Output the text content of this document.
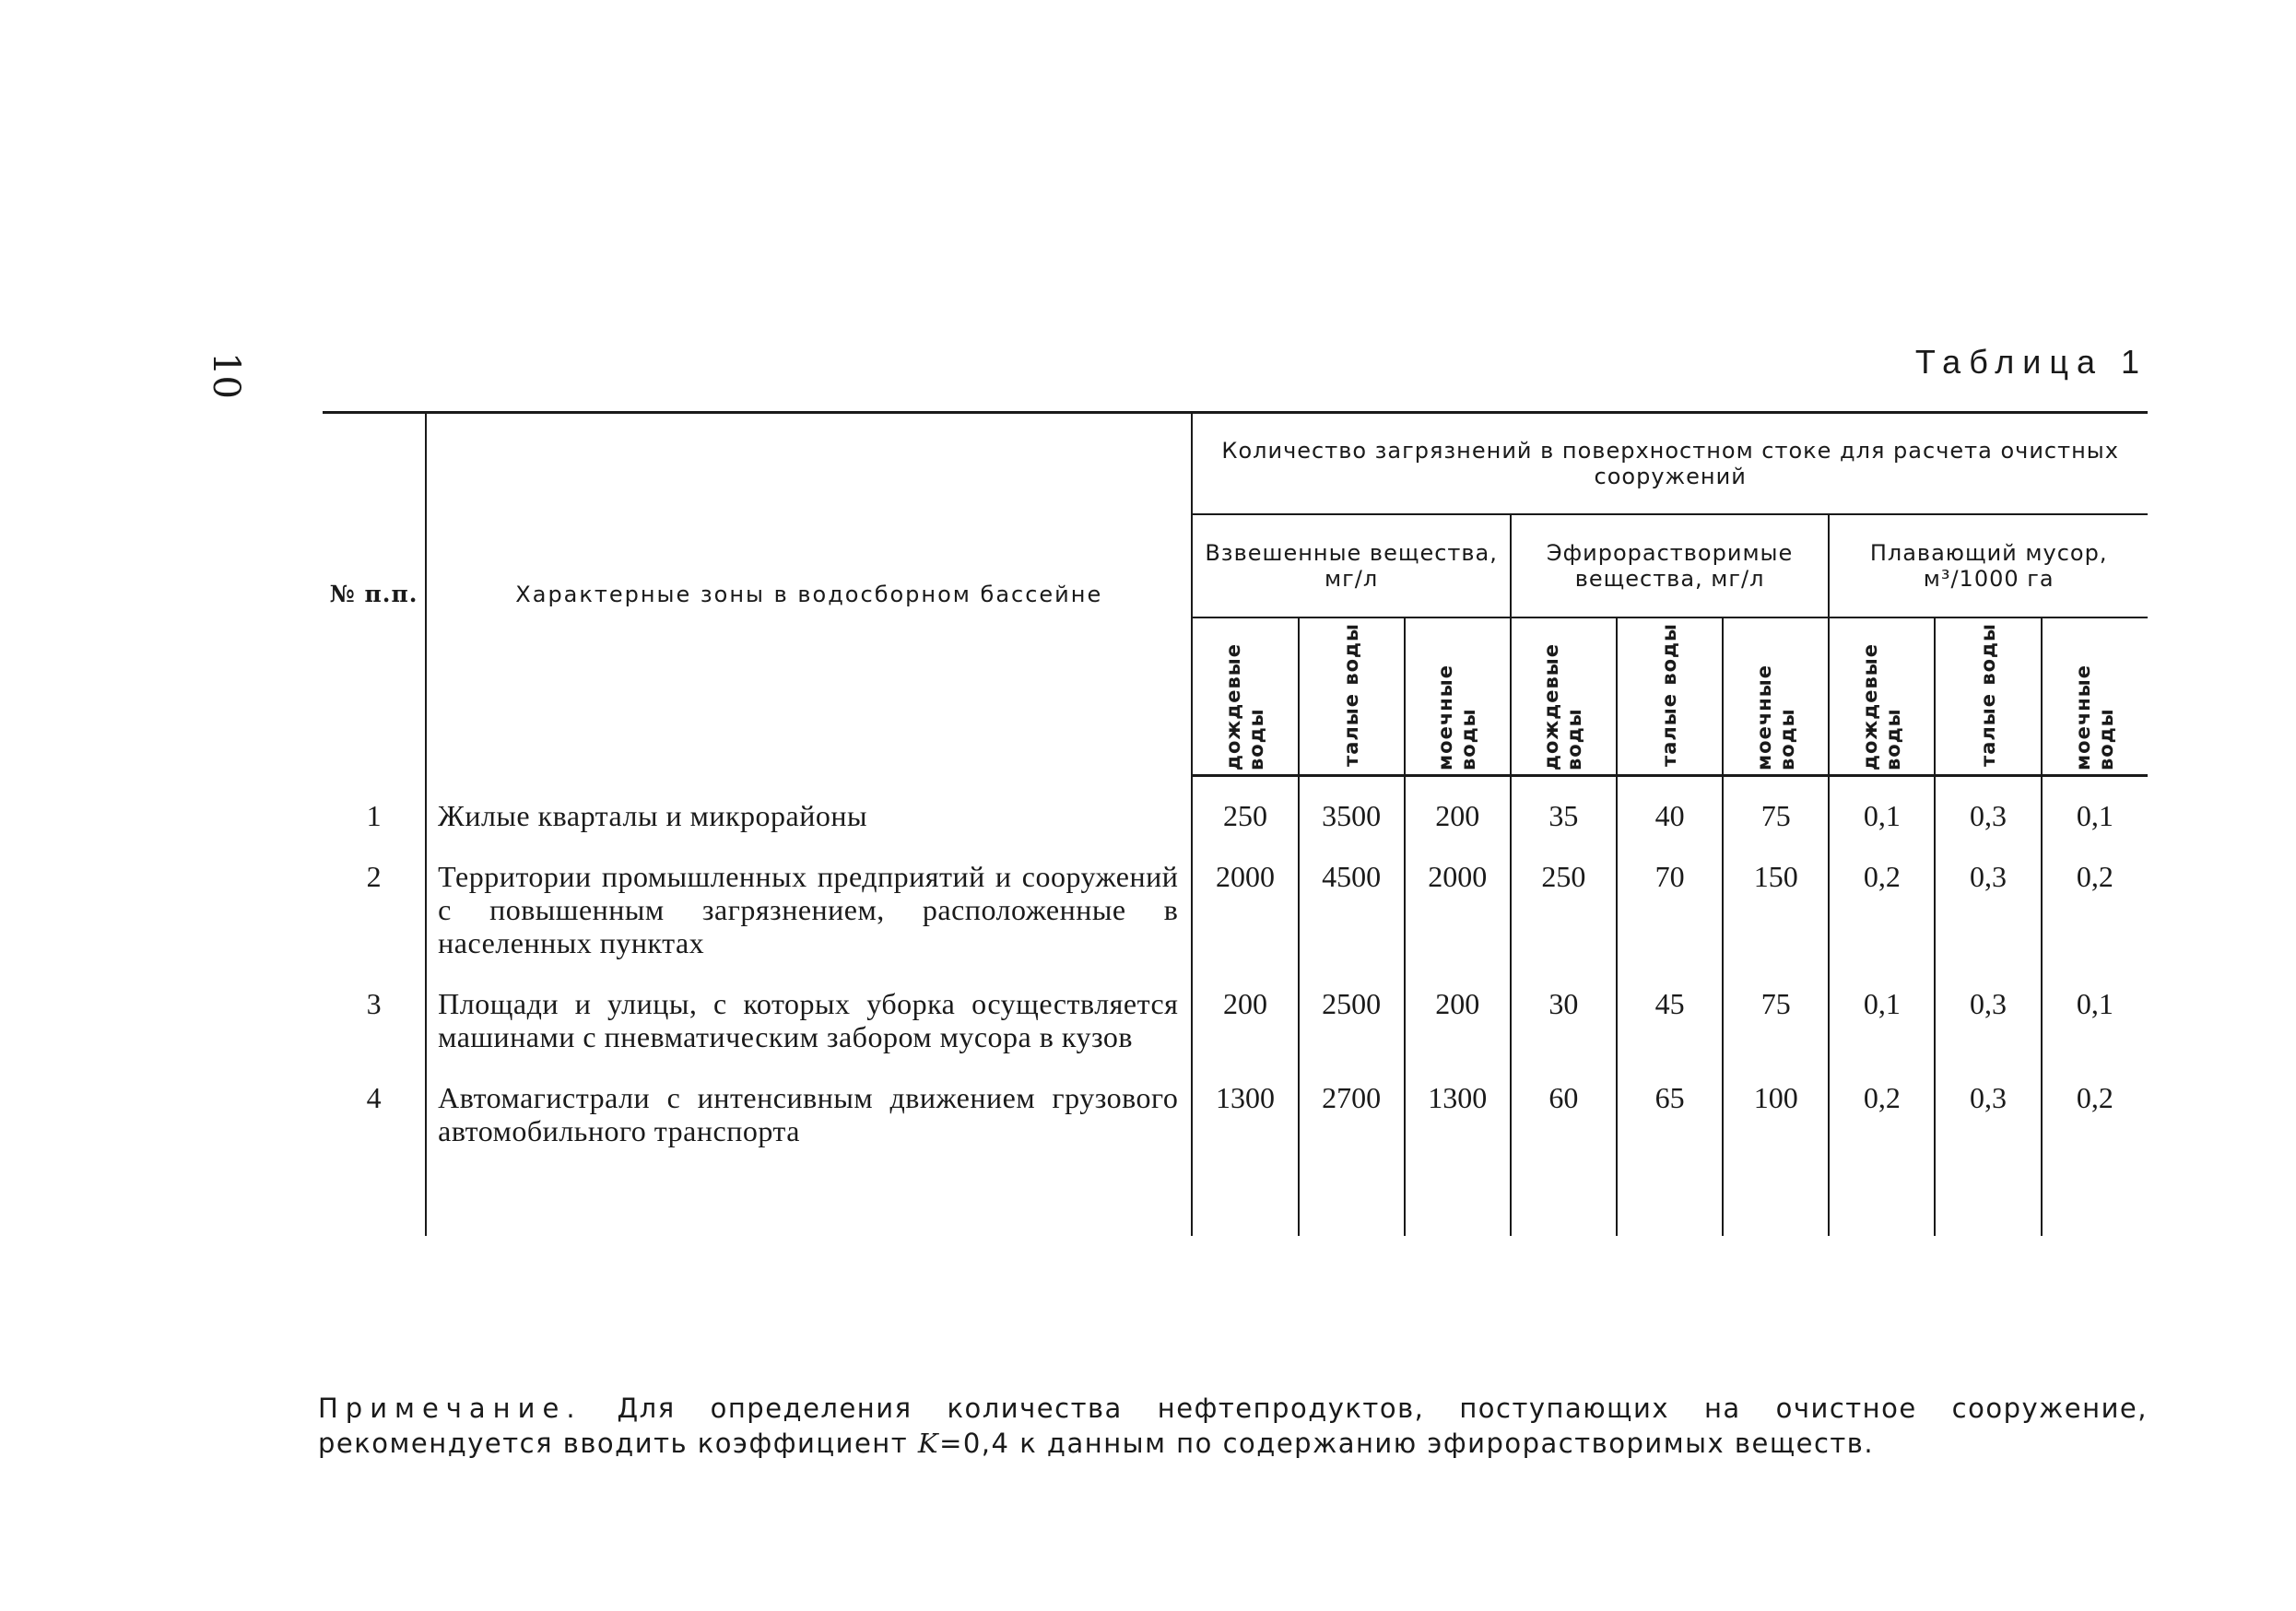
10	Таблица 1
№ п.п.	Характерные зоны в водосборном бассейне	Количество загрязнений в поверхностном стоке для расчета очистных сооружений								
		Взвешенные вещества, мг/л			Эфирорастворимые вещества, мг/л			Плавающий мусор, м³/1000 га		
		дождевые воды	талые воды	моечные воды	дождевые воды	талые воды	моечные воды	дождевые воды	талые воды	моечные воды

1	Жилые кварталы и микрорайоны	250	3500	200	35	40	75	0,1	0,3	0,1
2	Территории промышленных предприятий и сооружений с повышенным загрязнением, расположенные в населенных пунктах	2000	4500	2000	250	70	150	0,2	0,3	0,2
3	Площади и улицы, с которых уборка осуществляется машинами с пневматическим забором мусора в кузов	200	2500	200	30	45	75	0,1	0,3	0,1
4	Автомагистрали с интенсивным движением грузового автомобильного транспорта	1300	2700	1300	60	65	100	0,2	0,3	0,2

Примечание. Для определения количества нефтепродуктов, поступающих на очистное сооружение, рекомендуется вводить коэффициент K=0,4 к данным по содержанию эфирорастворимых веществ.
